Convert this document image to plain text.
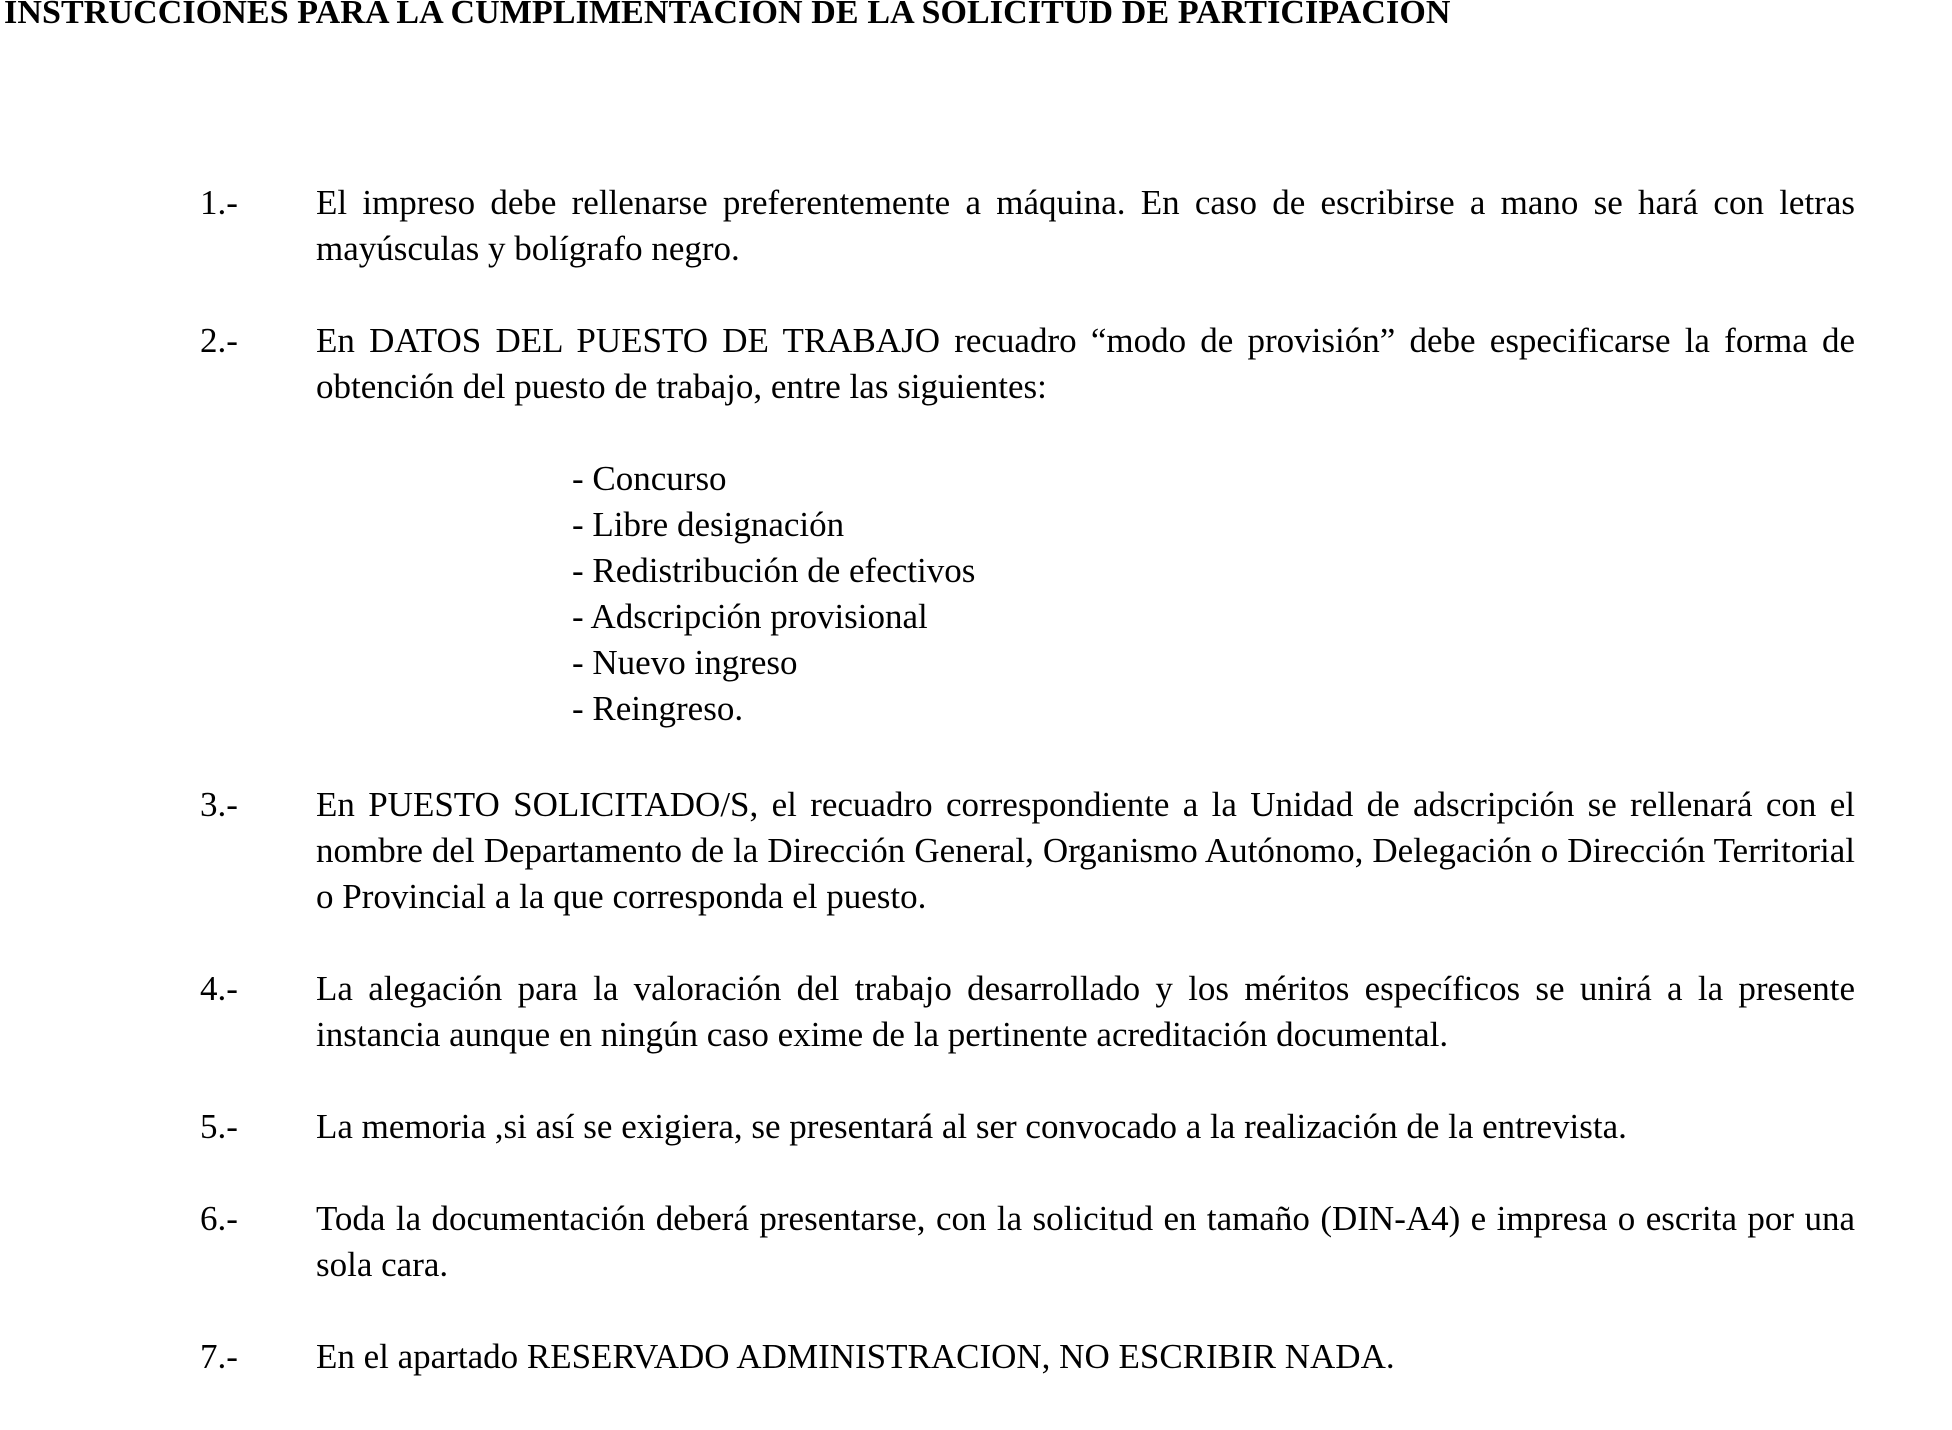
INSTRUCCIONES PARA LA CUMPLIMENTACION DE LA SOLICITUD DE PARTICIPACION
1.-	El impreso debe rellenarse preferentemente a máquina. En caso de escribirse a mano se hará con letras mayúsculas y bolígrafo negro.
2.-	En DATOS DEL PUESTO DE TRABAJO recuadro “modo de provisión” debe especificarse la forma de obtención del puesto de trabajo, entre las siguientes:
- Concurso
- Libre designación
- Redistribución de efectivos
- Adscripción provisional
- Nuevo ingreso
- Reingreso.
3.-	En PUESTO SOLICITADO/S, el recuadro correspondiente a la Unidad de adscripción se rellenará con el nombre del Departamento de la Dirección General, Organismo Autónomo, Delegación o Dirección Territorial o Provincial a la que corresponda el puesto.
4.-	La alegación para la valoración del trabajo desarrollado y los méritos específicos se unirá a la presente instancia aunque en ningún caso exime de la pertinente acreditación documental.
5.-	La memoria ,si así se exigiera, se presentará al ser convocado a la realización de la entrevista.
6.-	Toda la documentación deberá presentarse, con la solicitud en tamaño (DIN-A4) e impresa o escrita por una sola cara.
7.-	En el apartado RESERVADO ADMINISTRACION, NO ESCRIBIR NADA.
